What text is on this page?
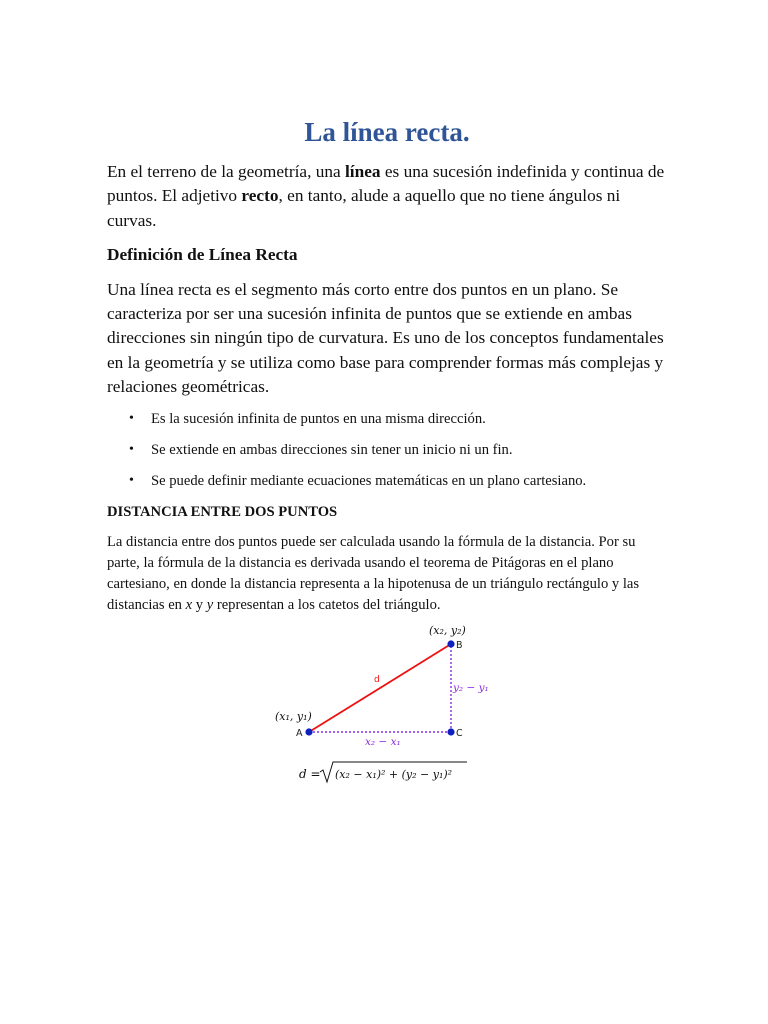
La línea recta.

En el terreno de la geometría, una línea es una sucesión indefinida y continua de puntos. El adjetivo recto, en tanto, alude a aquello que no tiene ángulos ni curvas.

Definición de Línea Recta

Una línea recta es el segmento más corto entre dos puntos en un plano. Se caracteriza por ser una sucesión infinita de puntos que se extiende en ambas direcciones sin ningún tipo de curvatura. Es uno de los conceptos fundamentales en la geometría y se utiliza como base para comprender formas más complejas y relaciones geométricas.

• Es la sucesión infinita de puntos en una misma dirección.
• Se extiende en ambas direcciones sin tener un inicio ni un fin.
• Se puede definir mediante ecuaciones matemáticas en un plano cartesiano.
DISTANCIA ENTRE DOS PUNTOS

La distancia entre dos puntos puede ser calculada usando la fórmula de la distancia. Por su parte, la fórmula de la distancia es derivada usando el teorema de Pitágoras en el plano cartesiano, en donde la distancia representa a la hipotenusa de un triángulo rectángulo y las distancias en x y y representan a los catetos del triángulo.

A
B
C
(x₁, y₁)
(x₂, y₂)
d
y₂ − y₁
x₂ − x₁
d = (x₂ − x₁)² + (y₂ − y₁)²
